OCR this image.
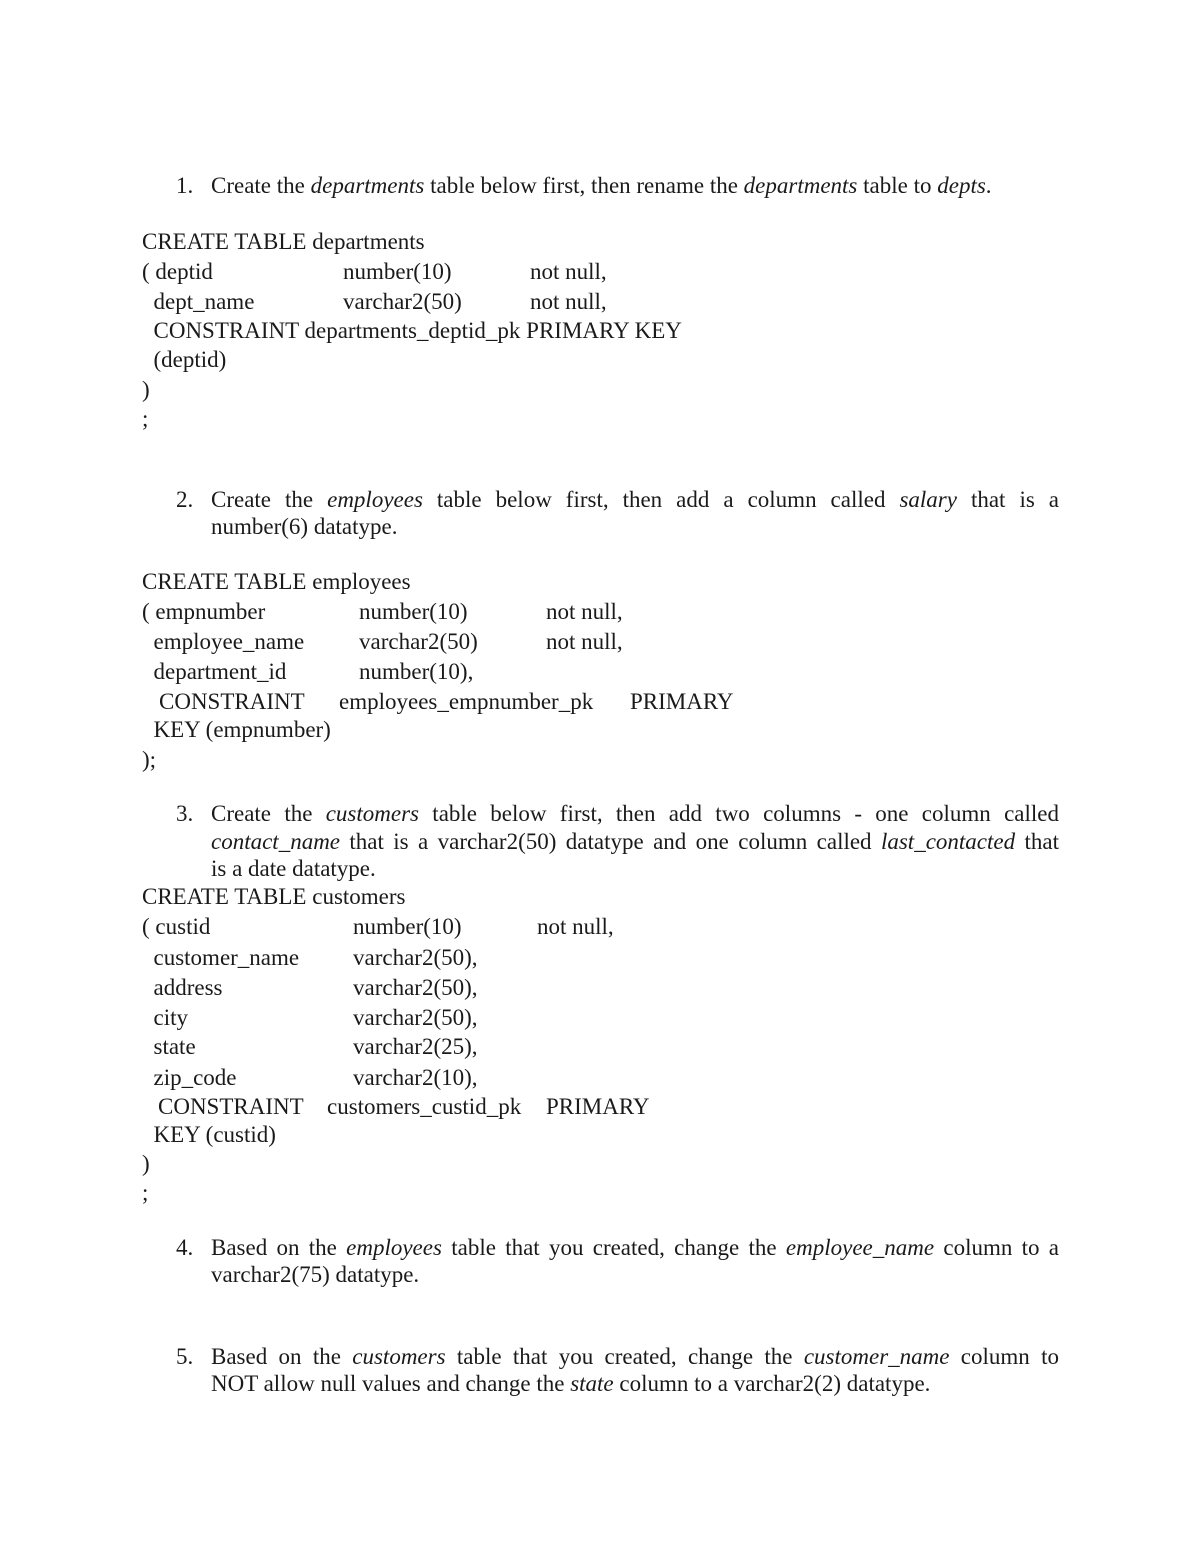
1. Create the departments table below first, then rename the departments table to depts.
CREATE TABLE departments
( deptid	number(10)	not null,
dept_name	varchar2(50)	not null,
CONSTRAINT departments_deptid_pk PRIMARY KEY
(deptid)
)
;
2. Create the employees table below first, then add a column called salary that is a
number(6) datatype.
CREATE TABLE employees
( empnumber	number(10)	not null,
employee_name varchar2(50)	not null,
department_id	number(10),
CONSTRAINT employees_empnumber_pk PRIMARY
KEY (empnumber)
);
3. Create the customers table below first, then add two columns - one column called
contact_name that is a varchar2(50) datatype and one column called last_contacted that
is a date datatype.
CREATE TABLE customers
( custid	number(10)	not null,
customer_name varchar2(50),
address	varchar2(50),
city	varchar2(50),
state	varchar2(25),
zip_code	varchar2(10),
CONSTRAINT customers_custid_pk PRIMARY
KEY (custid)
)
;
4. Based on the employees table that you created, change the employee_name column to a
varchar2(75) datatype.
5. Based on the customers table that you created, change the customer_name column to
NOT allow null values and change the state column to a varchar2(2) datatype.
